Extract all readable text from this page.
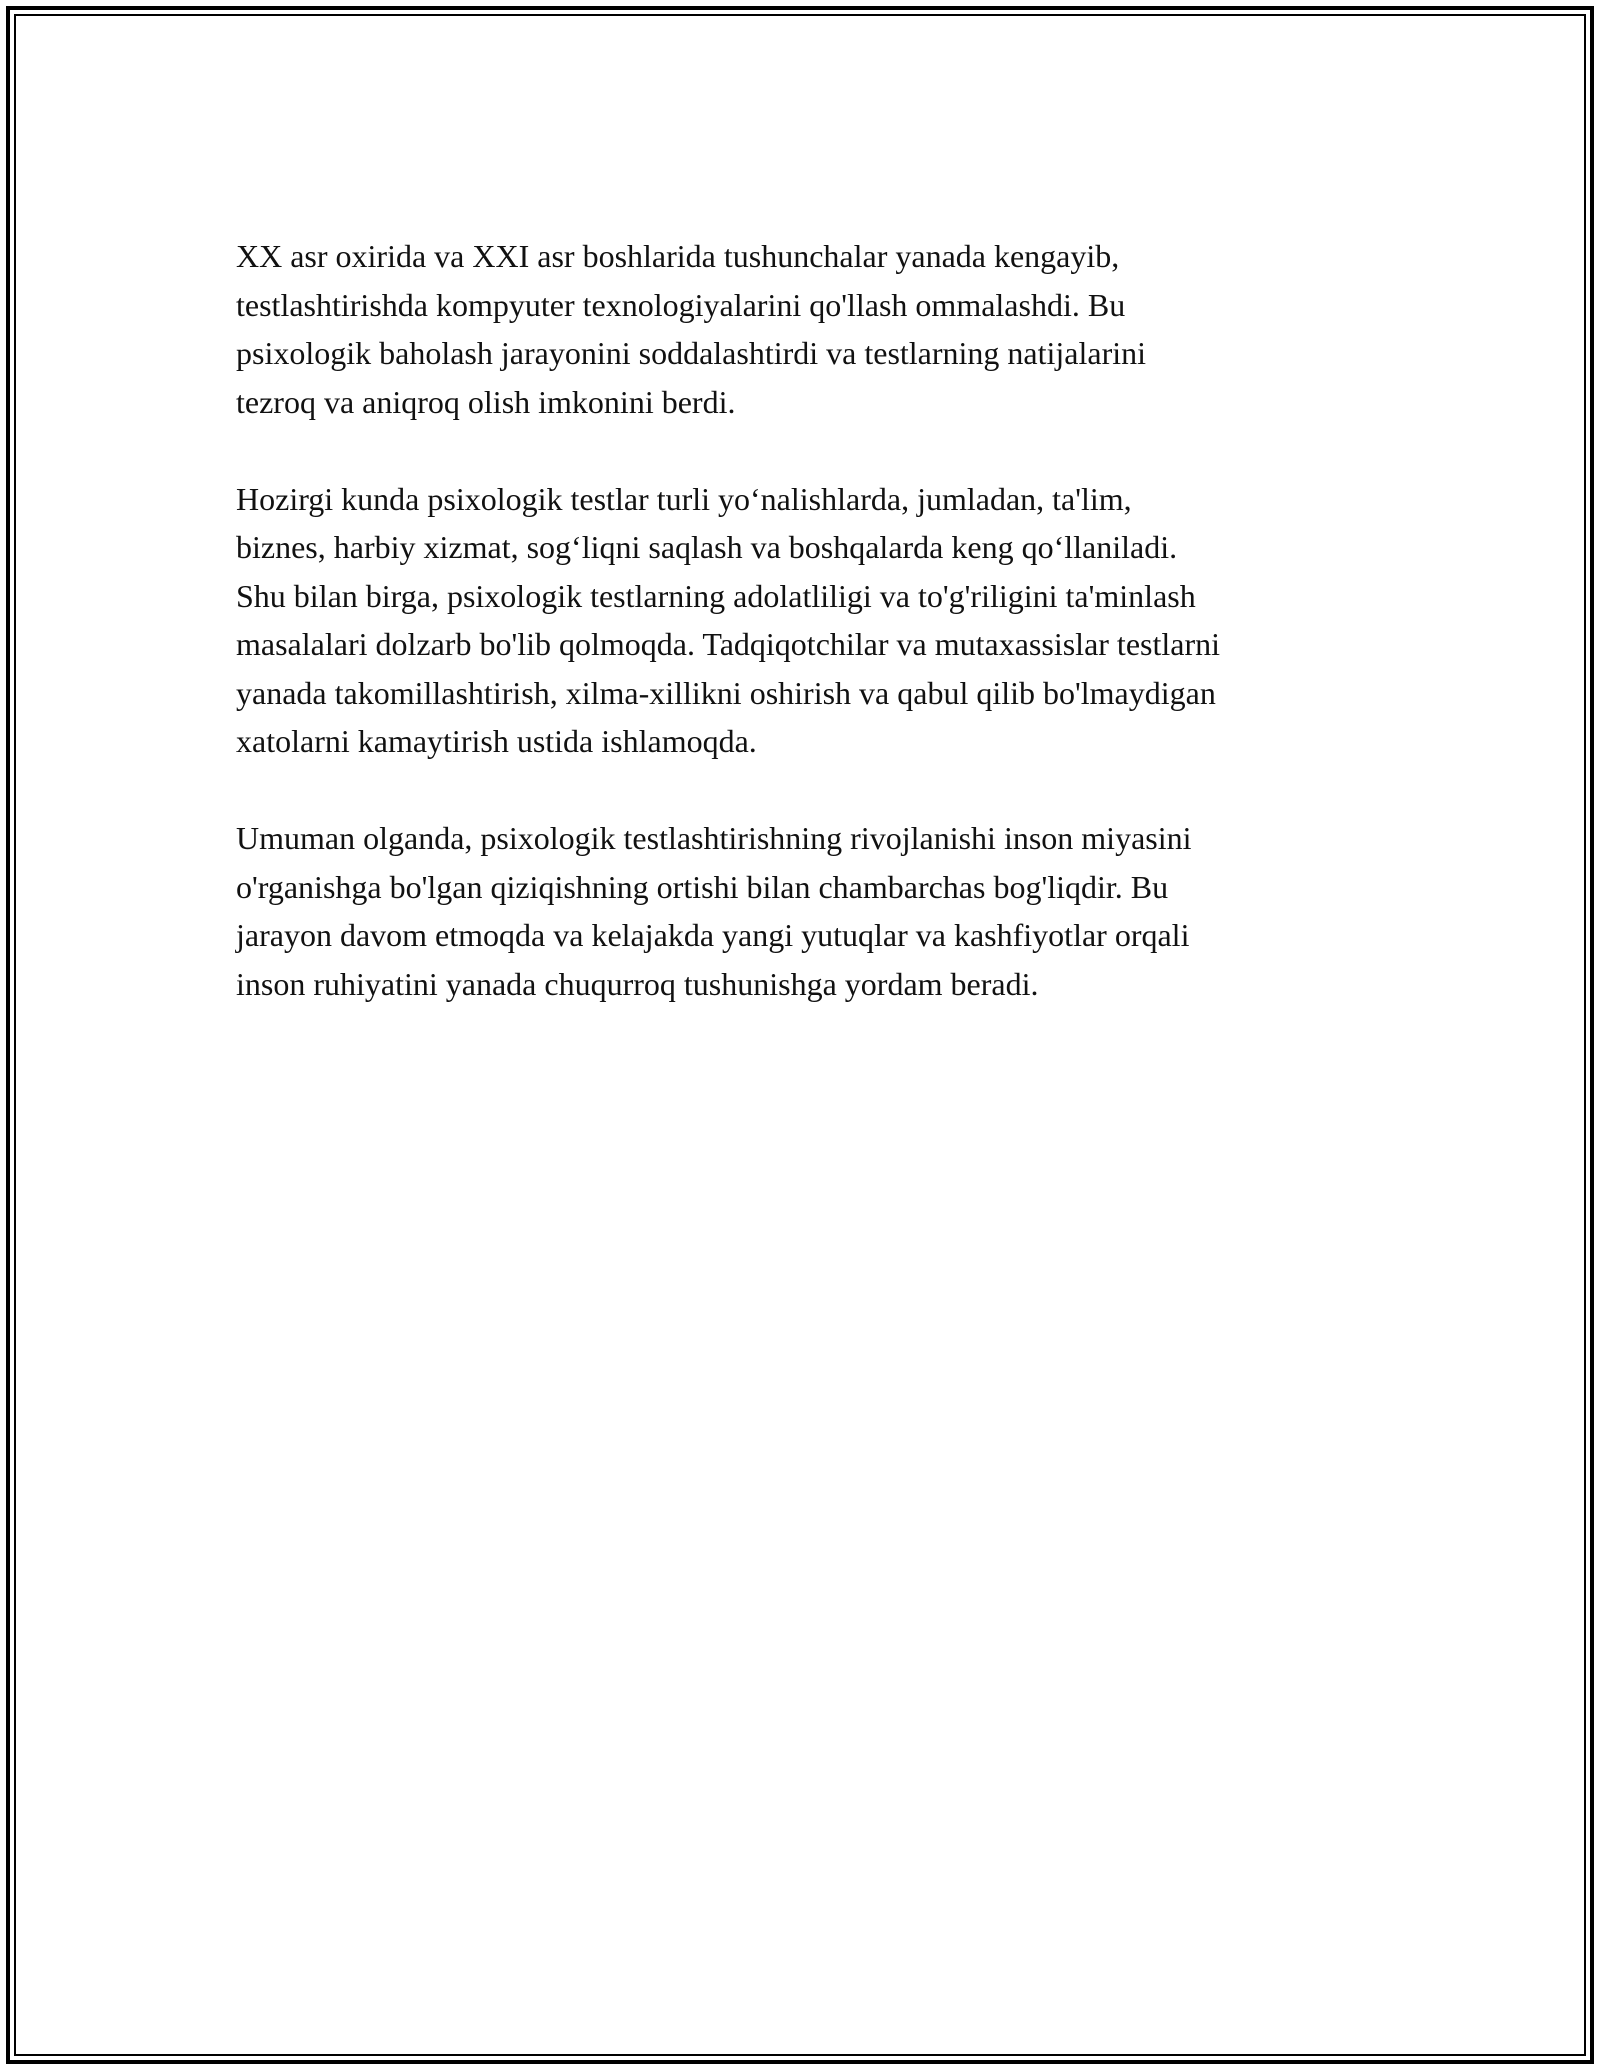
XX asr oxirida va XXI asr boshlarida tushunchalar yanada kengayib,
testlashtirishda kompyuter texnologiyalarini qo'llash ommalashdi. Bu
psixologik baholash jarayonini soddalashtirdi va testlarning natijalarini
tezroq va aniqroq olish imkonini berdi.

Hozirgi kunda psixologik testlar turli yo‘nalishlarda, jumladan, ta'lim,
biznes, harbiy xizmat, sog‘liqni saqlash va boshqalarda keng qo‘llaniladi.
Shu bilan birga, psixologik testlarning adolatliligi va to'g'riligini ta'minlash
masalalari dolzarb bo'lib qolmoqda. Tadqiqotchilar va mutaxassislar testlarni
yanada takomillashtirish, xilma-xillikni oshirish va qabul qilib bo'lmaydigan
xatolarni kamaytirish ustida ishlamoqda.

Umuman olganda, psixologik testlashtirishning rivojlanishi inson miyasini
o'rganishga bo'lgan qiziqishning ortishi bilan chambarchas bog'liqdir. Bu
jarayon davom etmoqda va kelajakda yangi yutuqlar va kashfiyotlar orqali
inson ruhiyatini yanada chuqurroq tushunishga yordam beradi.
